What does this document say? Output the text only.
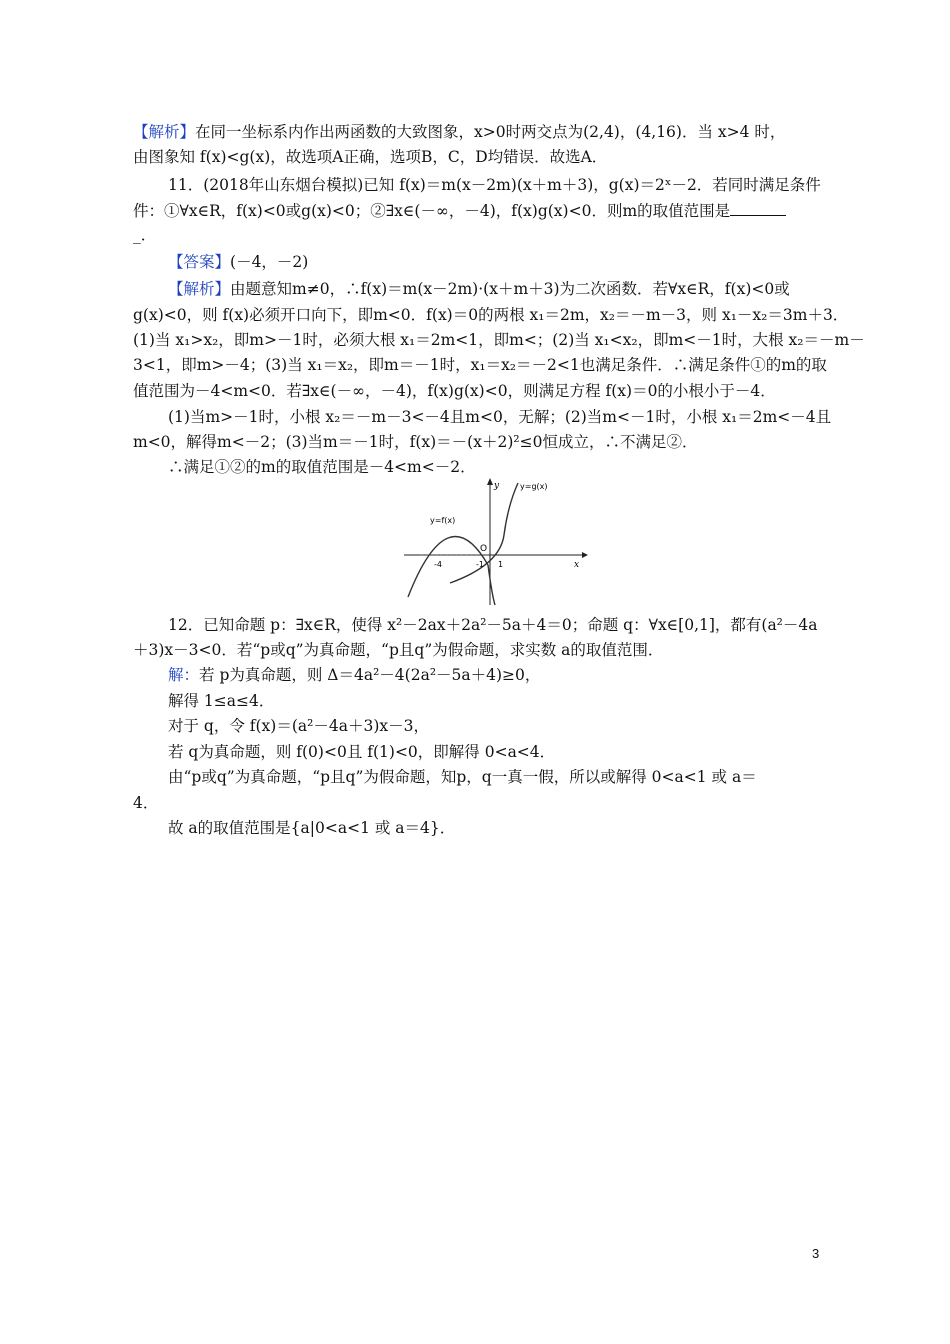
【解析】在同一坐标系内作出两函数的大致图象，x>0时两交点为(2,4)，(4,16)．当 x>4 时，
由图象知 f(x)<g(x)，故选项A正确，选项B，C，D均错误．故选A．
11．(2018年山东烟台模拟)已知 f(x)＝m(x－2m)(x＋m＋3)，g(x)＝2ˣ－2．若同时满足条件
件：①∀x∈R，f(x)<0或g(x)<0；②∃x∈(－∞，－4)，f(x)g(x)<0．则m的取值范围是
_．
【答案】(－4，－2)
【解析】由题意知m≠0，∴f(x)＝m(x－2m)·(x＋m＋3)为二次函数．若∀x∈R，f(x)<0或
g(x)<0，则 f(x)必须开口向下，即m<0．f(x)＝0的两根 x₁＝2m，x₂＝－m－3，则 x₁－x₂＝3m＋3．
(1)当 x₁>x₂，即m>－1时，必须大根 x₁＝2m<1，即m<；(2)当 x₁<x₂，即m<－1时，大根 x₂＝－m－
3<1，即m>－4；(3)当 x₁＝x₂，即m＝－1时，x₁＝x₂＝－2<1也满足条件．∴满足条件①的m的取
值范围为－4<m<0．若∃x∈(－∞，－4)，f(x)g(x)<0，则满足方程 f(x)＝0的小根小于－4．
(1)当m>－1时，小根 x₂＝－m－3<－4且m<0，无解；(2)当m<－1时，小根 x₁＝2m<－4且
m<0，解得m<－2；(3)当m＝－1时，f(x)＝－(x＋2)²≤0恒成立，∴不满足②．
∴满足①②的m的取值范围是－4<m<－2．
y
x
y=g(x)
y=f(x)
O
-4	-1 1
12．已知命题 p：∃x∈R，使得 x²－2ax＋2a²－5a＋4＝0；命题 q：∀x∈[0,1]，都有(a²－4a
＋3)x－3<0．若“p或q”为真命题，“p且q”为假命题，求实数 a的取值范围．
解：若 p为真命题，则 Δ＝4a²－4(2a²－5a＋4)≥0，
解得 1≤a≤4．
对于 q，令 f(x)＝(a²－4a＋3)x－3，
若 q为真命题，则 f(0)<0且 f(1)<0，即解得 0<a<4．
由“p或q”为真命题，“p且q”为假命题，知p，q一真一假，所以或解得 0<a<1 或 a＝
4．
故 a的取值范围是{a|0<a<1 或 a＝4}．
3
